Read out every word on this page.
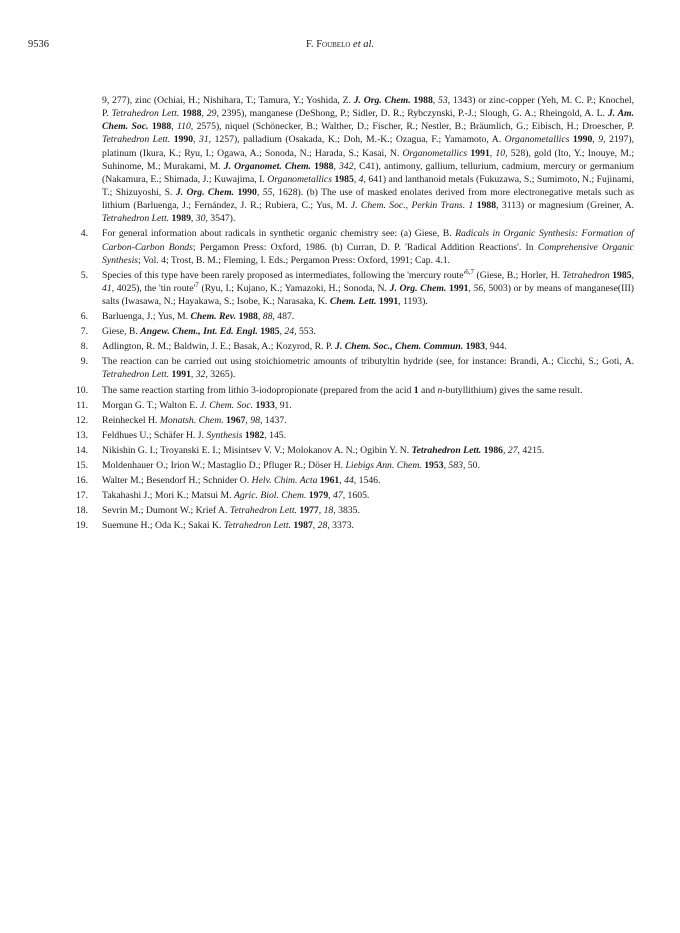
9536	F. Foubelo et al.
9, 277), zinc (Ochiai, H.; Nishihara, T.; Tamura, Y.; Yoshida, Z. J. Org. Chem. 1988, 53, 1343) or zinc-copper (Yeh, M. C. P.; Knochel, P. Tetrahedron Lett. 1988, 29, 2395), manganese (DeShong, P.; Sidler, D. R.; Rybczynski, P.-J.; Slough, G. A.; Rheingold, A. L. J. Am. Chem. Soc. 1988, 110, 2575), niquel (Schönecker, B.; Walther, D.; Fischer, R.; Nestler, B.; Bräumlich, G.; Eibisch, H.; Droescher, P. Tetrahedron Lett. 1990, 31, 1257), palladium (Osakada, K.; Doh, M.-K.; Ozagua, F.; Yamamoto, A. Organometallics 1990, 9, 2197), platinum (Ikura, K.; Ryu, I.; Ogawa, A.; Sonoda, N.; Harada, S.; Kasai, N. Organometallics 1991, 10, 528), gold (Ito, Y.; Inouye, M.; Suhinome, M.; Murakami, M. J. Organomet. Chem. 1988, 342, C41), antimony, gallium, tellurium, cadmium, mercury or germanium (Nakamura, E.; Shimada, J.; Kuwajima, I. Organometallics 1985, 4, 641) and lanthanoid metals (Fukuzawa, S.; Sumimoto, N.; Fujinami, T.; Shizuyoshi, S. J. Org. Chem. 1990, 55, 1628). (b) The use of masked enolates derived from more electronegative metals such as lithium (Barluenga, J.; Fernández, J. R.; Rubiera, C.; Yus, M. J. Chem. Soc., Perkin Trans. 1 1988, 3113) or magnesium (Greiner, A. Tetrahedron Lett. 1989, 30, 3547).
4. For general information about radicals in synthetic organic chemistry see: (a) Giese, B. Radicals in Organic Synthesis: Formation of Carbon-Carbon Bonds; Pergamon Press: Oxford, 1986. (b) Curran, D. P. 'Radical Addition Reactions'. In Comprehensive Organic Synthesis; Vol. 4; Trost, B. M.; Fleming, I. Eds.; Pergamon Press: Oxford, 1991; Cap. 4.1.
5. Species of this type have been rarely proposed as intermediates, following the 'mercury $route'^{6,7}$ (Giese, B.; Horler, H. Tetrahedron 1985, 41, 4025), the 'tin $route'^7$ (Ryu, I.; Kujano, K.; Yamazoki, H.; Sonoda, N. J. Org. Chem. 1991, 56, 5003) or by means of manganese(III) salts (Iwasawa, N.; Hayakawa, S.; Isobe, K.; Narasaka, K. Chem. Lett. 1991, 1193).
6. Barluenga, J.; Yus, M. Chem. Rev. 1988, 88, 487.
7. Giese, B. Angew. Chem., Int. Ed. Engl. 1985, 24, 553.
8. Adlington, R. M.; Baldwin, J. E.; Basak, A.; Kozyrod, R. P. J. Chem. Soc., Chem. Commun. 1983, 944.
9. The reaction can be carried out using stoichiometric amounts of tributyltin hydride (see, for instance: Brandi, A.; Cicchi, S.; Goti, A. Tetrahedron Lett. 1991, 32, 3265).
10. The same reaction starting from lithio 3-iodopropionate (prepared from the acid 1 and n-butyllithium) gives the same result.
11. Morgan G. T.; Walton E. J. Chem. Soc. 1933, 91.
12. Reinheckel H. Monatsh. Chem. 1967, 98, 1437.
13. Feldhues U.; Schäfer H. J. Synthesis 1982, 145.
14. Nikishin G. I.; Troyanski E. I.; Misintsev V. V.; Molokanov A. N.; Ogibin Y. N. Tetrahedron Lett. 1986, 27, 4215.
15. Moldenhauer O.; Irion W.; Mastaglio D.; Pfluger R.; Döser H. Liebigs Ann. Chem. 1953, 583, 50.
16. Walter M.; Besendorf H.; Schnider O. Helv. Chim. Acta 1961, 44, 1546.
17. Takahashi J.; Mori K.; Matsui M. Agric. Biol. Chem. 1979, 47, 1605.
18. Sevrin M.; Dumont W.; Krief A. Tetrahedron Lett. 1977, 18, 3835.
19. Suemune H.; Oda K.; Sakai K. Tetrahedron Lett. 1987, 28, 3373.
